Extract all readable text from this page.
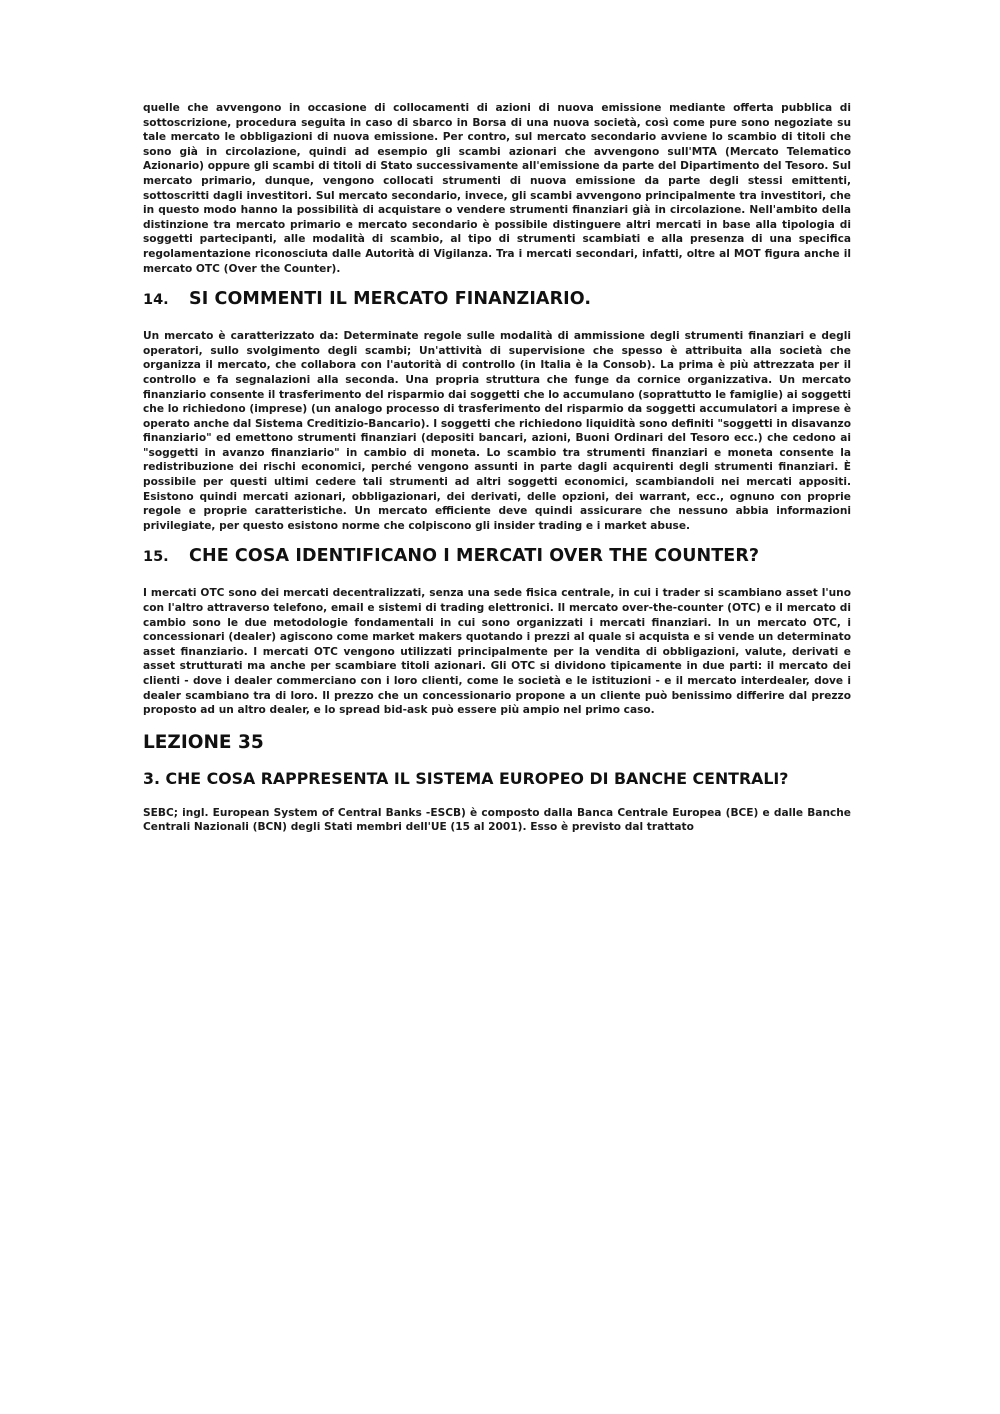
quelle che avvengono in occasione di collocamenti di azioni di nuova emissione mediante offerta pubblica di sottoscrizione, procedura seguita in caso di sbarco in Borsa di una nuova società, così come pure sono negoziate su tale mercato le obbligazioni di nuova emissione. Per contro, sul mercato secondario avviene lo scambio di titoli che sono già in circolazione, quindi ad esempio gli scambi azionari che avvengono sull'MTA (Mercato Telematico Azionario) oppure gli scambi di titoli di Stato successivamente all'emissione da parte del Dipartimento del Tesoro. Sul mercato primario, dunque, vengono collocati strumenti di nuova emissione da parte degli stessi emittenti, sottoscritti dagli investitori. Sul mercato secondario, invece, gli scambi avvengono principalmente tra investitori, che in questo modo hanno la possibilità di acquistare o vendere strumenti finanziari già in circolazione. Nell'ambito della distinzione tra mercato primario e mercato secondario è possibile distinguere altri mercati in base alla tipologia di soggetti partecipanti, alle modalità di scambio, al tipo di strumenti scambiati e alla presenza di una specifica regolamentazione riconosciuta dalle Autorità di Vigilanza. Tra i mercati secondari, infatti, oltre al MOT figura anche il mercato OTC (Over the Counter).

14.	SI COMMENTI IL MERCATO FINANZIARIO.

Un mercato è caratterizzato da: Determinate regole sulle modalità di ammissione degli strumenti finanziari e degli operatori, sullo svolgimento degli scambi; Un'attività di supervisione che spesso è attribuita alla società che organizza il mercato, che collabora con l'autorità di controllo (in Italia è la Consob). La prima è più attrezzata per il controllo e fa segnalazioni alla seconda. Una propria struttura che funge da cornice organizzativa. Un mercato finanziario consente il trasferimento del risparmio dai soggetti che lo accumulano (soprattutto le famiglie) ai soggetti che lo richiedono (imprese) (un analogo processo di trasferimento del risparmio da soggetti accumulatori a imprese è operato anche dal Sistema Creditizio-Bancario). I soggetti che richiedono liquidità sono definiti "soggetti in disavanzo finanziario" ed emettono strumenti finanziari (depositi bancari, azioni, Buoni Ordinari del Tesoro ecc.) che cedono ai "soggetti in avanzo finanziario" in cambio di moneta. Lo scambio tra strumenti finanziari e moneta consente la redistribuzione dei rischi economici, perché vengono assunti in parte dagli acquirenti degli strumenti finanziari. È possibile per questi ultimi cedere tali strumenti ad altri soggetti economici, scambiandoli nei mercati appositi. Esistono quindi mercati azionari, obbligazionari, dei derivati, delle opzioni, dei warrant, ecc., ognuno con proprie regole e proprie caratteristiche. Un mercato efficiente deve quindi assicurare che nessuno abbia informazioni privilegiate, per questo esistono norme che colpiscono gli insider trading e i market abuse.

15.	CHE COSA IDENTIFICANO I MERCATI OVER THE COUNTER?

I mercati OTC sono dei mercati decentralizzati, senza una sede fisica centrale, in cui i trader si scambiano asset l'uno con l'altro attraverso telefono, email e sistemi di trading elettronici. Il mercato over-the-counter (OTC) e il mercato di cambio sono le due metodologie fondamentali in cui sono organizzati i mercati finanziari. In un mercato OTC, i concessionari (dealer) agiscono come market makers quotando i prezzi al quale si acquista e si vende un determinato asset finanziario. I mercati OTC vengono utilizzati principalmente per la vendita di obbligazioni, valute, derivati e asset strutturati ma anche per scambiare titoli azionari. Gli OTC si dividono tipicamente in due parti: il mercato dei clienti - dove i dealer commerciano con i loro clienti, come le società e le istituzioni - e il mercato interdealer, dove i dealer scambiano tra di loro. Il prezzo che un concessionario propone a un cliente può benissimo differire dal prezzo proposto ad un altro dealer, e lo spread bid-ask può essere più ampio nel primo caso.

LEZIONE 35
3. CHE COSA RAPPRESENTA IL SISTEMA EUROPEO DI BANCHE CENTRALI?

SEBC; ingl. European System of Central Banks -ESCB) è composto dalla Banca Centrale Europea (BCE) e dalle Banche Centrali Nazionali (BCN) degli Stati membri dell'UE (15 al 2001). Esso è previsto dal trattato
